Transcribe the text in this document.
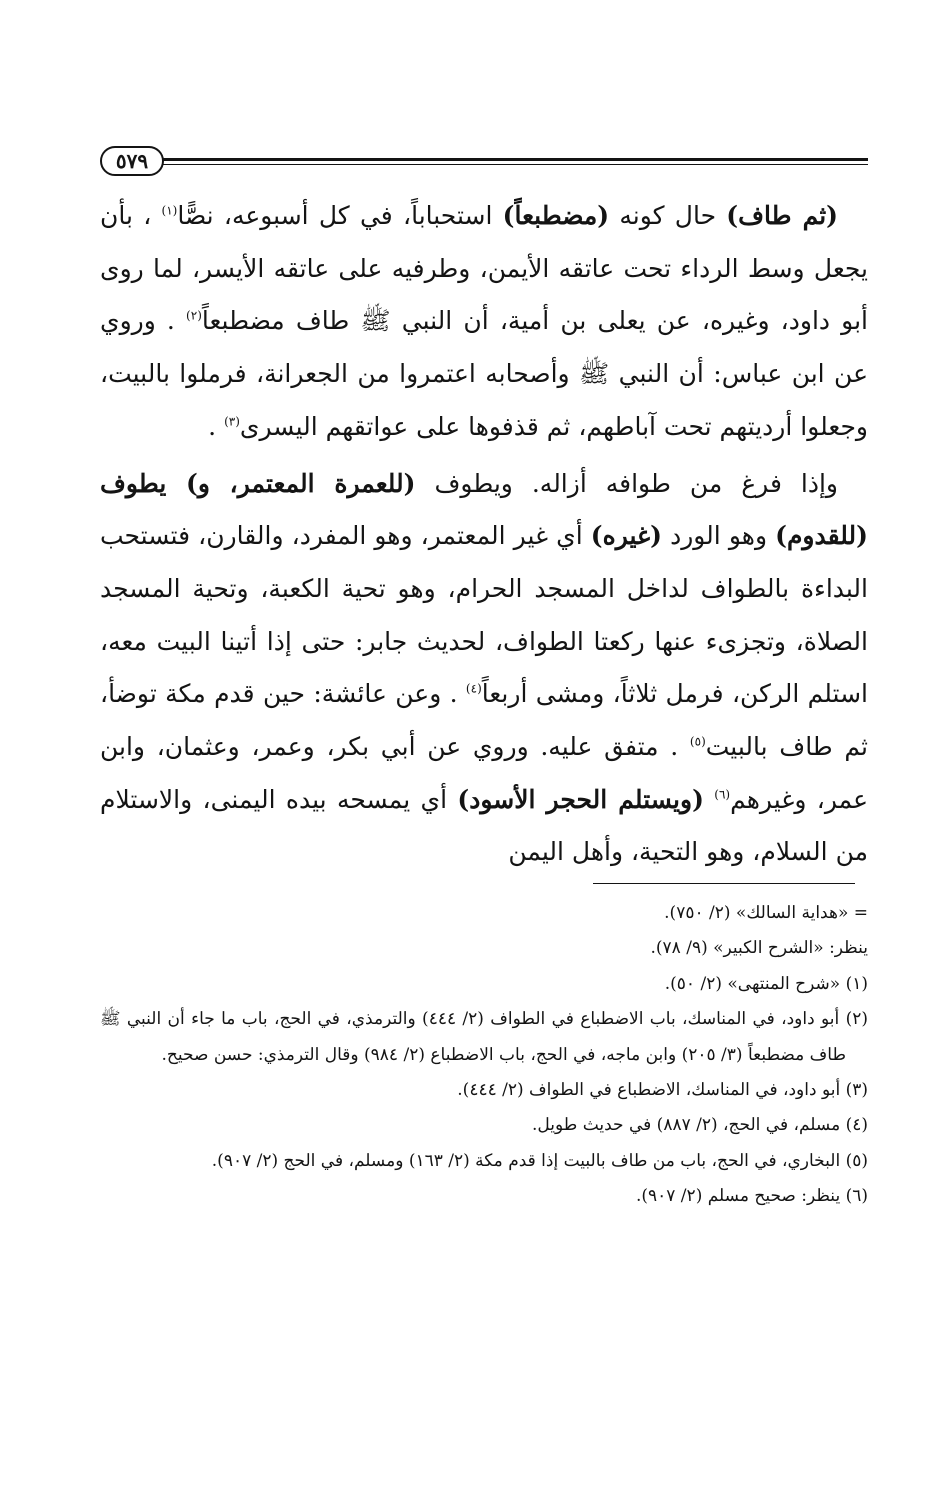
٥٧٩

(ثم طاف) حال كونه (مضطبعاً) استحباباً، في كل أسبوعه، نصًّا$^{(١)}$ ، بأن يجعل وسط الرداء تحت عاتقه الأيمن، وطرفيه على عاتقه الأيسر، لما روى أبو داود، وغيره، عن يعلى بن أمية، أن النبي ﷺ طاف مضطبعاً$^{(٢)}$ . وروي عن ابن عباس: أن النبي ﷺ وأصحابه اعتمروا من الجعرانة، فرملوا بالبيت، وجعلوا أرديتهم تحت آباطهم، ثم قذفوها على عواتقهم اليسرى$^{(٣)}$ .

وإذا فرغ من طوافه أزاله. ويطوف (للعمرة المعتمر، و) يطوف (للقدوم) وهو الورد (غيره) أي غير المعتمر، وهو المفرد، والقارن، فتستحب البداءة بالطواف لداخل المسجد الحرام، وهو تحية الكعبة، وتحية المسجد الصلاة، وتجزىء عنها ركعتا الطواف، لحديث جابر: حتى إذا أتينا البيت معه، استلم الركن، فرمل ثلاثاً، ومشى أربعاً$^{(٤)}$ . وعن عائشة: حين قدم مكة توضأ، ثم طاف بالبيت$^{(٥)}$ . متفق عليه. وروي عن أبي بكر، وعمر، وعثمان، وابن عمر، وغيرهم$^{(٦)}$ (ويستلم الحجر الأسود) أي يمسحه بيده اليمنى، والاستلام من السلام، وهو التحية، وأهل اليمن

= «هداية السالك» (٢/ ٧٥٠).

ينظر: «الشرح الكبير» (٩/ ٧٨).

(١) «شرح المنتهى» (٢/ ٥٠).

(٢) أبو داود، في المناسك، باب الاضطباع في الطواف (٢/ ٤٤٤) والترمذي، في الحج، باب ما جاء أن النبي ﷺ طاف مضطبعاً (٣/ ٢٠٥) وابن ماجه، في الحج، باب الاضطباع (٢/ ٩٨٤) وقال الترمذي: حسن صحيح.

(٣) أبو داود، في المناسك، الاضطباع في الطواف (٢/ ٤٤٤).

(٤) مسلم، في الحج، (٢/ ٨٨٧) في حديث طويل.

(٥) البخاري، في الحج، باب من طاف بالبيت إذا قدم مكة (٢/ ١٦٣) ومسلم، في الحج (٢/ ٩٠٧).

(٦) ينظر: صحيح مسلم (٢/ ٩٠٧).
